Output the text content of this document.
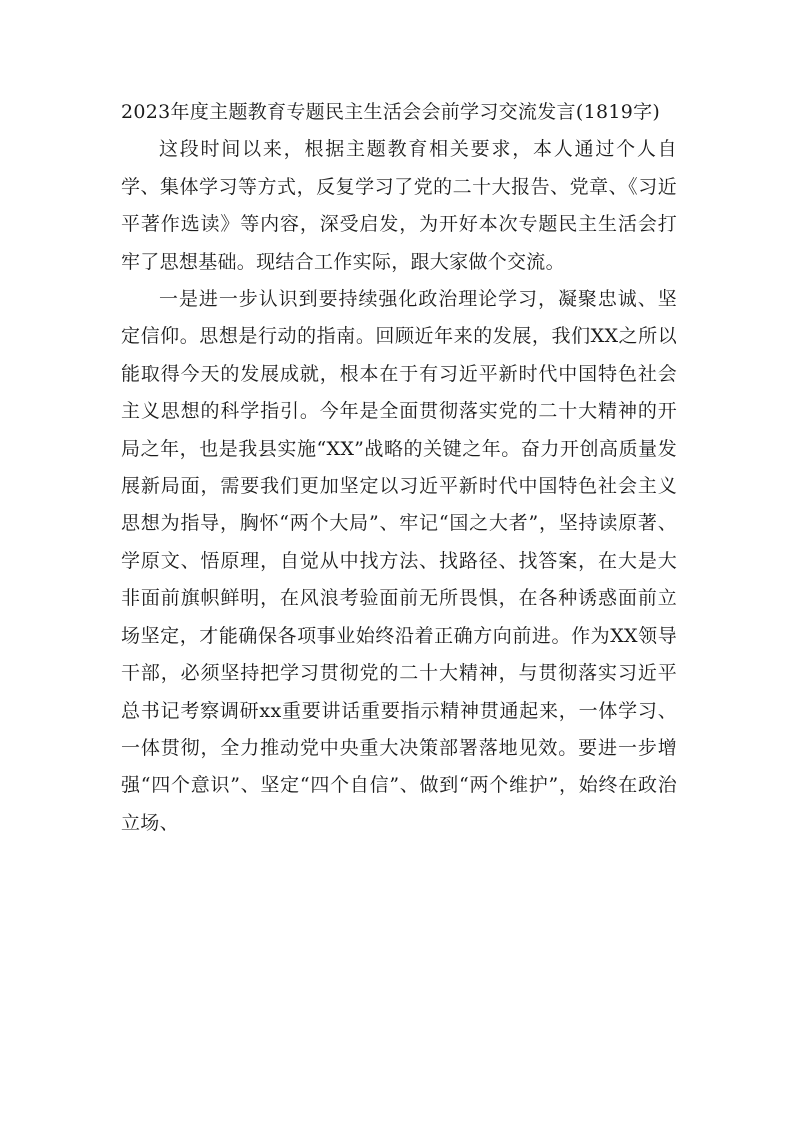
2023年度主题教育专题民主生活会会前学习交流发言(1819字)

这段时间以来，根据主题教育相关要求，本人通过个人自学、集体学习等方式，反复学习了党的二十大报告、党章、《习近平著作选读》等内容，深受启发，为开好本次专题民主生活会打牢了思想基础。现结合工作实际，跟大家做个交流。

一是进一步认识到要持续强化政治理论学习，凝聚忠诚、坚定信仰。思想是行动的指南。回顾近年来的发展，我们XX之所以能取得今天的发展成就，根本在于有习近平新时代中国特色社会主义思想的科学指引。今年是全面贯彻落实党的二十大精神的开局之年，也是我县实施“XX”战略的关键之年。奋力开创高质量发展新局面，需要我们更加坚定以习近平新时代中国特色社会主义思想为指导，胸怀“两个大局”、牢记“国之大者”，坚持读原著、学原文、悟原理，自觉从中找方法、找路径、找答案，在大是大非面前旗帜鲜明，在风浪考验面前无所畏惧，在各种诱惑面前立场坚定，才能确保各项事业始终沿着正确方向前进。作为XX领导干部，必须坚持把学习贯彻党的二十大精神，与贯彻落实习近平总书记考察调研xx重要讲话重要指示精神贯通起来，一体学习、一体贯彻，全力推动党中央重大决策部署落地见效。要进一步增强“四个意识”、坚定“四个自信”、做到“两个维护”，始终在政治立场、
